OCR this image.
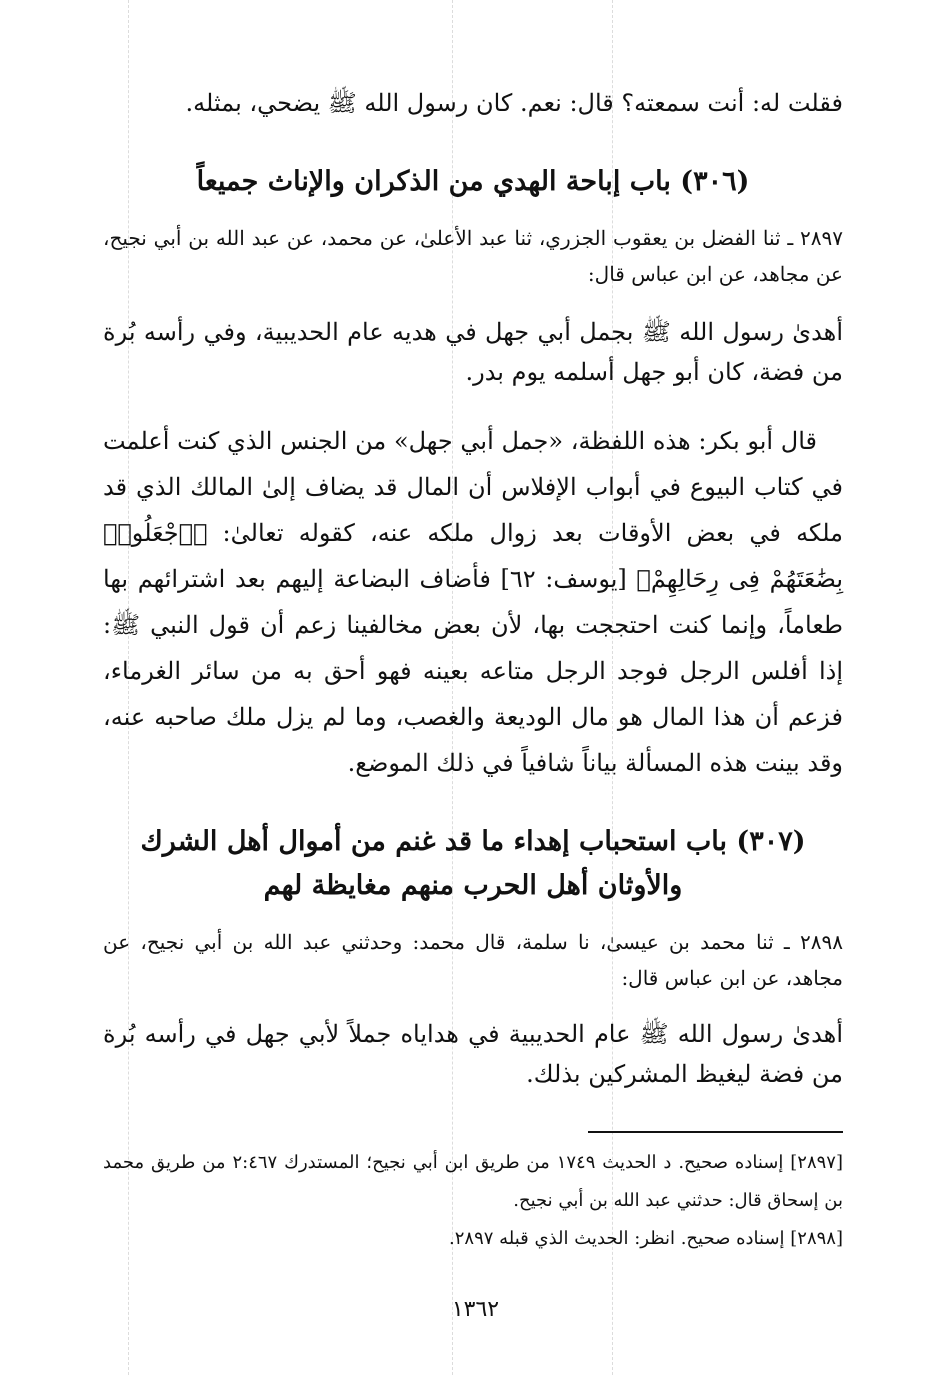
فقلت له: أنت سمعته؟ قال: نعم. كان رسول الله ﷺ يضحي، بمثله.
(٣٠٦) باب إباحة الهدي من الذكران والإناث جميعاً
٢٨٩٧ ـ ثنا الفضل بن يعقوب الجزري، ثنا عبد الأعلىٰ، عن محمد، عن عبد الله بن أبي نجيح، عن مجاهد، عن ابن عباس قال:
أهدىٰ رسول الله ﷺ بجمل أبي جهل في هديه عام الحديبية، وفي رأسه بُرة من فضة، كان أبو جهل أسلمه يوم بدر.

قال أبو بكر: هذه اللفظة، «جمل أبي جهل» من الجنس الذي كنت أعلمت في كتاب البيوع في أبواب الإفلاس أن المال قد يضاف إلىٰ المالك الذي قد ملكه في بعض الأوقات بعد زوال ملكه عنه، كقوله تعالىٰ: ﴿ٱجْعَلُوا۟ بِضَٰعَتَهُمْ فِى رِحَالِهِمْ﴾ [يوسف: ٦٢] فأضاف البضاعة إليهم بعد اشترائهم بها طعاماً، وإنما كنت احتججت بها، لأن بعض مخالفينا زعم أن قول النبي ﷺ: إذا أفلس الرجل فوجد الرجل متاعه بعينه فهو أحق به من سائر الغرماء، فزعم أن هذا المال هو مال الوديعة والغصب، وما لم يزل ملك صاحبه عنه، وقد بينت هذه المسألة بياناً شافياً في ذلك الموضع.

(٣٠٧) باب استحباب إهداء ما قد غنم من أموال أهل الشرك والأوثان أهل الحرب منهم مغايظة لهم
٢٨٩٨ ـ ثنا محمد بن عيسىٰ، نا سلمة، قال محمد: وحدثني عبد الله بن أبي نجيح، عن مجاهد، عن ابن عباس قال:
أهدىٰ رسول الله ﷺ عام الحديبية في هداياه جملاً لأبي جهل في رأسه بُرة من فضة ليغيظ المشركين بذلك.

[٢٨٩٧] إسناده صحيح. د الحديث ١٧٤٩ من طريق ابن أبي نجيح؛ المستدرك ٢:٤٦٧ من طريق محمد بن إسحاق قال: حدثني عبد الله بن أبي نجيح.

[٢٨٩٨] إسناده صحيح. انظر: الحديث الذي قبله ٢٨٩٧.

١٣٦٢
